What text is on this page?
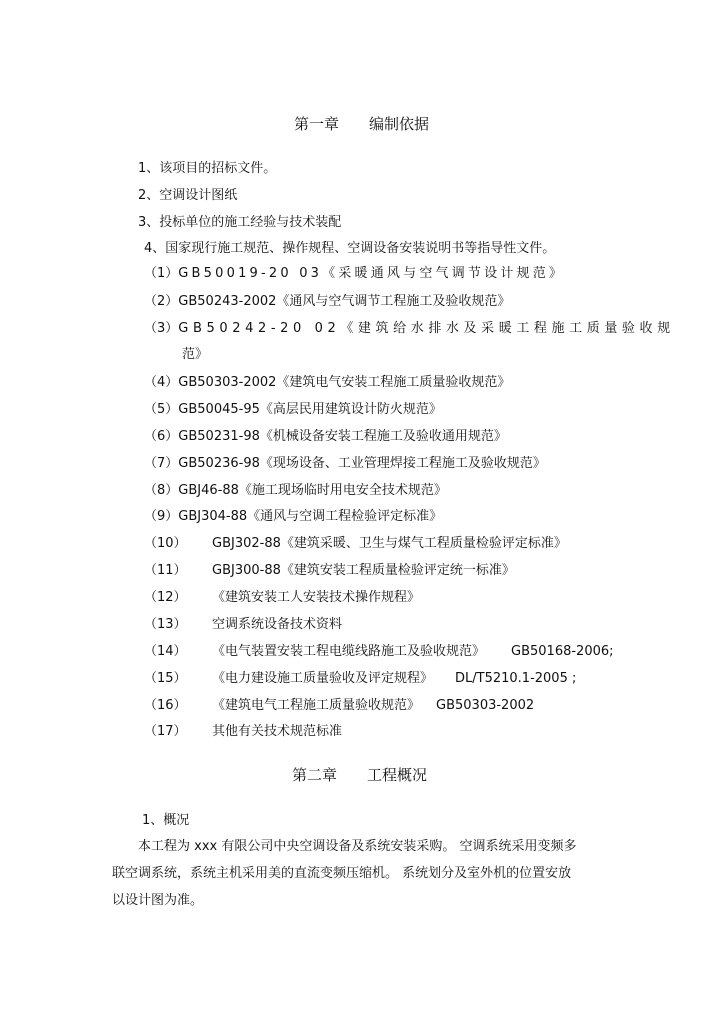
第一章 编制依据
1、该项目的招标文件。
2、空调设计图纸
3、投标单位的施工经验与技术装配
4、国家现行施工规范、操作规程、空调设备安装说明书等指导性文件。
（1）GB50019-20 03《采暖通风与空气调节设计规范》
（2）GB50243-2002《通风与空气调节工程施工及验收规范》
（3）GB50242-20 02《建筑给水排水及采暖工程施工质量验收规
范》
（4）GB50303-2002《建筑电气安装工程施工质量验收规范》
（5）GB50045-95《高层民用建筑设计防火规范》
（6）GB50231-98《机械设备安装工程施工及验收通用规范》
（7）GB50236-98《现场设备、工业管理焊接工程施工及验收规范》
（8）GBJ46-88《施工现场临时用电安全技术规范》
（9）GBJ304-88《通风与空调工程检验评定标准》
（10） GBJ302-88《建筑采暖、卫生与煤气工程质量检验评定标准》
（11） GBJ300-88《建筑安装工程质量检验评定统一标准》
（12） 《建筑安装工人安装技术操作规程》
（13） 空调系统设备技术资料
（14） 《电气装置安装工程电缆线路施工及验收规范》 GB50168-2006;
（15） 《电力建设施工质量验收及评定规程》 DL/T5210.1-2005 ;
（16） 《建筑电气工程施工质量验收规范》 GB50303-2002
（17） 其他有关技术规范标准
第二章 工程概况
1、概况
本工程为 xxx 有限公司中央空调设备及系统安装采购。 空调系统采用变频多
联空调系统，系统主机采用美的直流变频压缩机。 系统划分及室外机的位置安放
以设计图为准。
